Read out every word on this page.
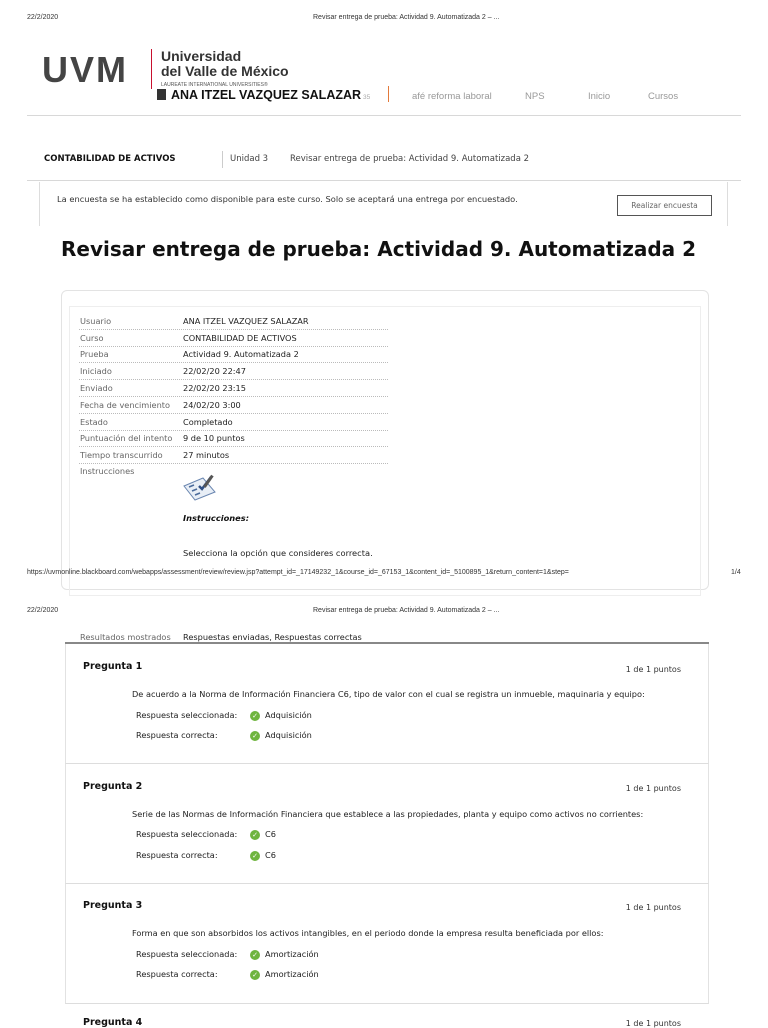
22/2/2020	Revisar entrega de prueba: Actividad 9. Automatizada 2 – ...
UVM Universidad
del Valle de México
LAUREATE INTERNATIONAL UNIVERSITIES®
35	afé reforma laboral	NPS	Inicio	Cursos
ANA ITZEL VAZQUEZ SALAZAR
CONTABILIDAD DE ACTIVOS	Unidad 3	Revisar entrega de prueba: Actividad 9. Automatizada 2
La encuesta se ha establecido como disponible para este curso. Solo se aceptará una entrega por encuestado.
Realizar encuesta
Revisar entrega de prueba: Actividad 9. Automatizada 2
Usuario	ANA ITZEL VAZQUEZ SALAZAR
Curso	CONTABILIDAD DE ACTIVOS
Prueba	Actividad 9. Automatizada 2
Iniciado	22/02/20 22:47
Enviado	22/02/20 23:15
Fecha de vencimiento 24/02/20 3:00
Estado	Completado
Puntuación del intento 9 de 10 puntos
Tiempo transcurrido 27 minutos
Instrucciones
Instrucciones:
Selecciona la opción que consideres correcta.
https://uvmonline.blackboard.com/webapps/assessment/review/review.jsp?attempt_id=_17149232_1&course_id=_67153_1&content_id=_5100895_1&return_content=1&step=	1/4
22/2/2020	Revisar entrega de prueba: Actividad 9. Automatizada 2 – ...
Resultados mostrados Respuestas enviadas, Respuestas correctas
Pregunta 1	1 de 1 puntos
De acuerdo a la Norma de Información Financiera C6, tipo de valor con el cual se registra un inmueble, maquinaria y equipo:
Respuesta seleccionada: ✓ Adquisición
Respuesta correcta:	✓ Adquisición
Pregunta 2	1 de 1 puntos
Serie de las Normas de Información Financiera que establece a las propiedades, planta y equipo como activos no corrientes:
Respuesta seleccionada: ✓ C6
Respuesta correcta:	✓ C6
Pregunta 3	1 de 1 puntos
Forma en que son absorbidos los activos intangibles, en el periodo donde la empresa resulta beneficiada por ellos:
Respuesta seleccionada: ✓ Amortización
Respuesta correcta:	✓ Amortización
Pregunta 4	1 de 1 puntos
